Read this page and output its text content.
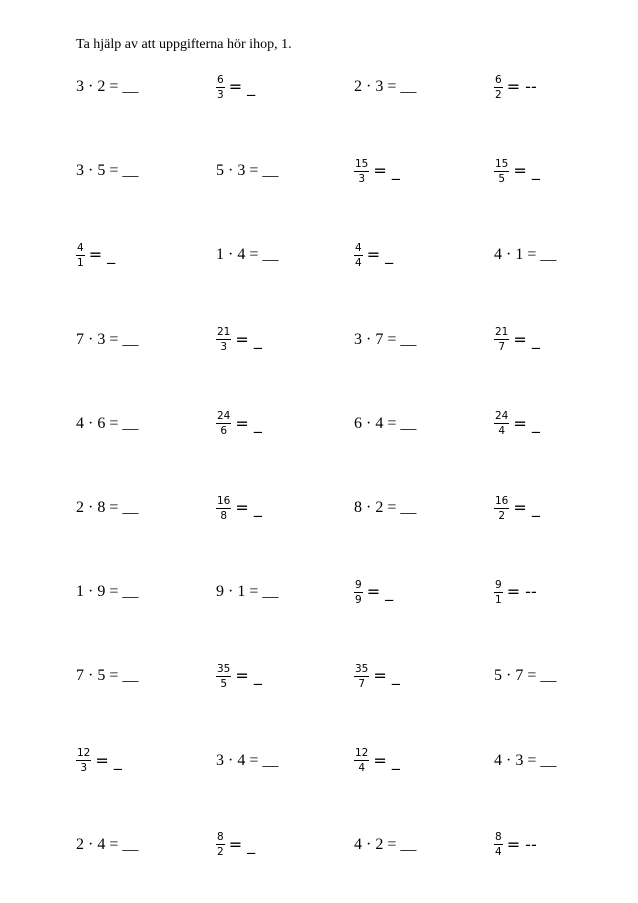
Ta hjälp av att uppgifterna hör ihop, 1.
3 · 2 = __	$\frac{6}{3}$ = _	2 · 3 = __	$\frac{6}{2}$ = --
3 · 5 = __	5 · 3 = __	$\frac{15}{3}$ = _	$\frac{15}{5}$ = _
$\frac{4}{1}$ = _	1 · 4 = __	$\frac{4}{4}$ = _	4 · 1 = __
7 · 3 = __	$\frac{21}{3}$ = _	3 · 7 = __	$\frac{21}{7}$ = _
4 · 6 = __	$\frac{24}{6}$ = _	6 · 4 = __	$\frac{24}{4}$ = _
2 · 8 = __	$\frac{16}{8}$ = _	8 · 2 = __	$\frac{16}{2}$ = _
1 · 9 = __	9 · 1 = __	$\frac{9}{9}$ = _	$\frac{9}{1}$ = --
7 · 5 = __	$\frac{35}{5}$ = _	$\frac{35}{7}$ = _	5 · 7 = __
$\frac{12}{3}$ = _	3 · 4 = __	$\frac{12}{4}$ = _	4 · 3 = __
2 · 4 = __	$\frac{8}{2}$ = _	4 · 2 = __	$\frac{8}{4}$ = --
